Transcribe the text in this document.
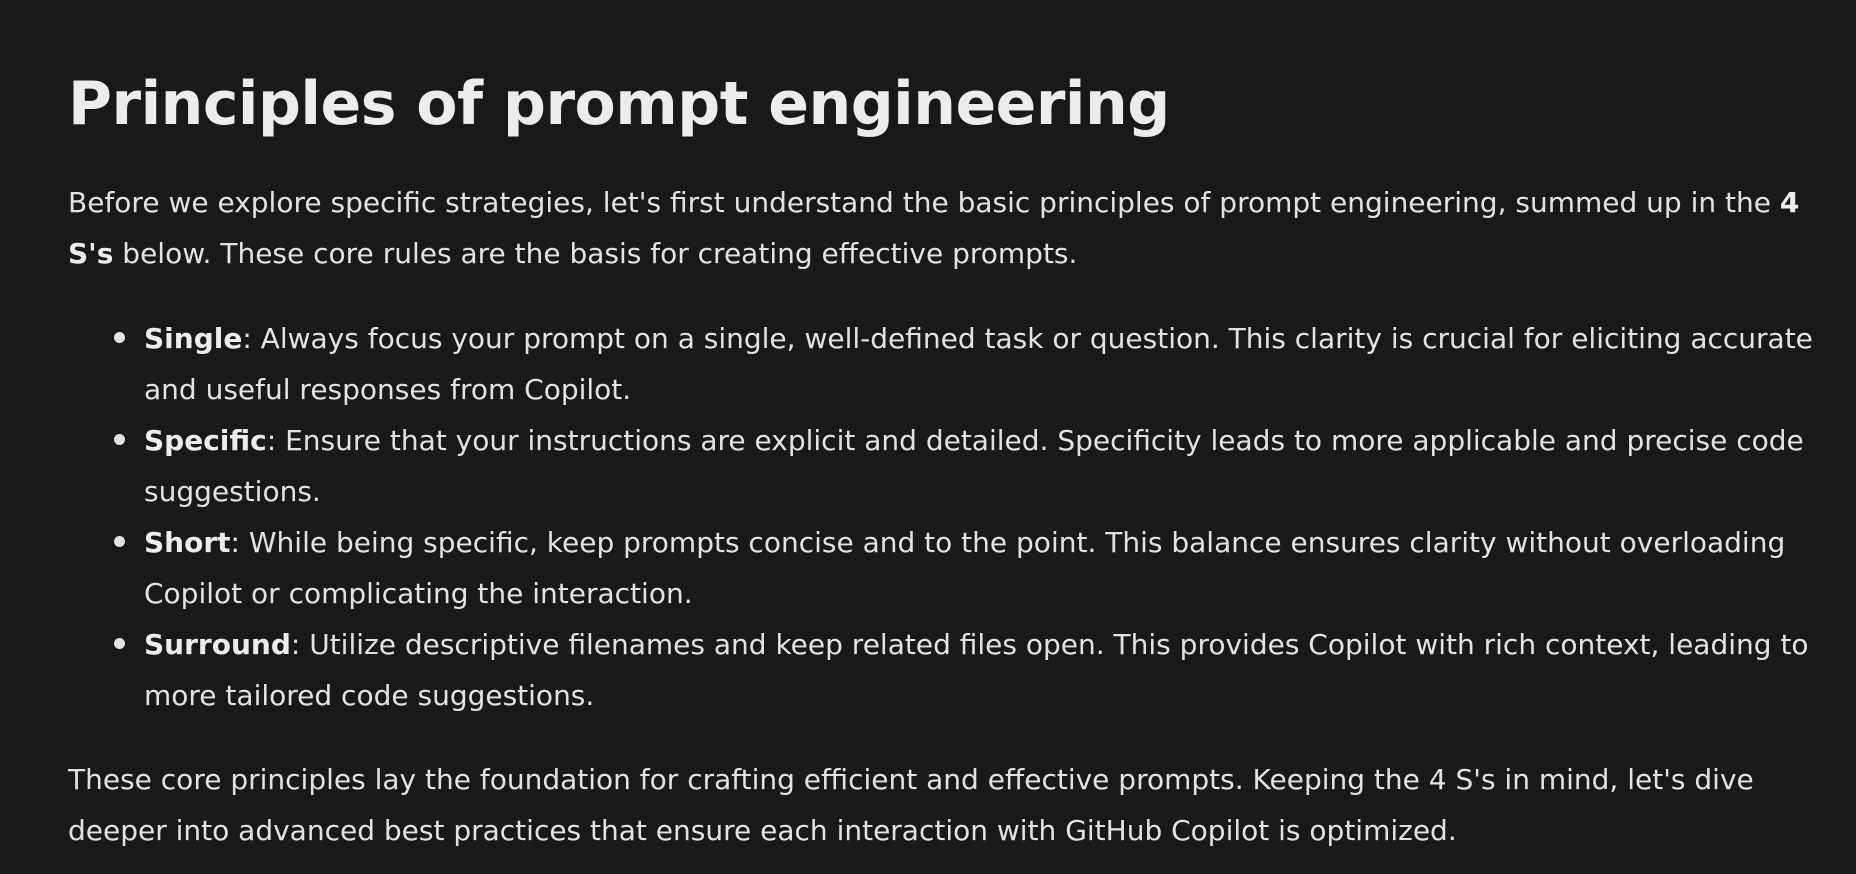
Principles of prompt engineering

Before we explore specific strategies, let's first understand the basic principles of prompt engineering, summed up in the 4 S's below. These core rules are the basis for creating effective prompts.

Single: Always focus your prompt on a single, well-defined task or question. This clarity is crucial for eliciting accurate and useful responses from Copilot.
Specific: Ensure that your instructions are explicit and detailed. Specificity leads to more applicable and precise code suggestions.
Short: While being specific, keep prompts concise and to the point. This balance ensures clarity without overloading Copilot or complicating the interaction.
Surround: Utilize descriptive filenames and keep related files open. This provides Copilot with rich context, leading to more tailored code suggestions.

These core principles lay the foundation for crafting efficient and effective prompts. Keeping the 4 S's in mind, let's dive deeper into advanced best practices that ensure each interaction with GitHub Copilot is optimized.
